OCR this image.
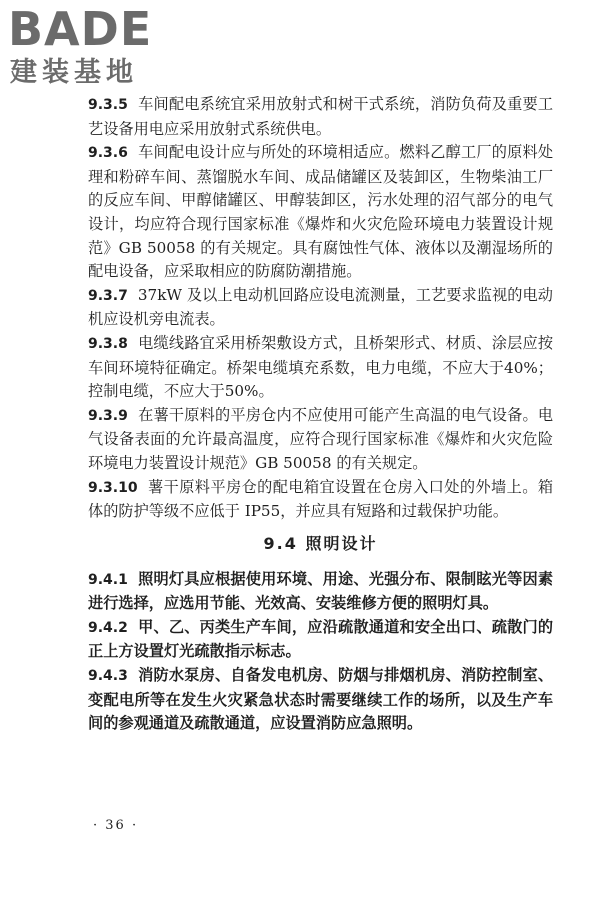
BADE
建装基地

9.3.5 车间配电系统宜采用放射式和树干式系统，消防负荷及重要工艺设备用电应采用放射式系统供电。

9.3.6 车间配电设计应与所处的环境相适应。燃料乙醇工厂的原料处理和粉碎车间、蒸馏脱水车间、成品储罐区及装卸区，生物柴油工厂的反应车间、甲醇储罐区、甲醇装卸区，污水处理的沼气部分的电气设计，均应符合现行国家标准《爆炸和火灾危险环境电力装置设计规范》GB 50058 的有关规定。具有腐蚀性气体、液体以及潮湿场所的配电设备，应采取相应的防腐防潮措施。

9.3.7 37kW 及以上电动机回路应设电流测量，工艺要求监视的电动机应设机旁电流表。

9.3.8 电缆线路宜采用桥架敷设方式，且桥架形式、材质、涂层应按车间环境特征确定。桥架电缆填充系数，电力电缆，不应大于40%；控制电缆，不应大于50%。

9.3.9 在薯干原料的平房仓内不应使用可能产生高温的电气设备。电气设备表面的允许最高温度，应符合现行国家标准《爆炸和火灾危险环境电力装置设计规范》GB 50058 的有关规定。

9.3.10 薯干原料平房仓的配电箱宜设置在仓房入口处的外墙上。箱体的防护等级不应低于 IP55，并应具有短路和过载保护功能。

9.4 照明设计

9.4.1 照明灯具应根据使用环境、用途、光强分布、限制眩光等因素进行选择，应选用节能、光效高、安装维修方便的照明灯具。

9.4.2 甲、乙、丙类生产车间，应沿疏散通道和安全出口、疏散门的正上方设置灯光疏散指示标志。

9.4.3 消防水泵房、自备发电机房、防烟与排烟机房、消防控制室、变配电所等在发生火灾紧急状态时需要继续工作的场所，以及生产车间的参观通道及疏散通道，应设置消防应急照明。

· 36 ·
